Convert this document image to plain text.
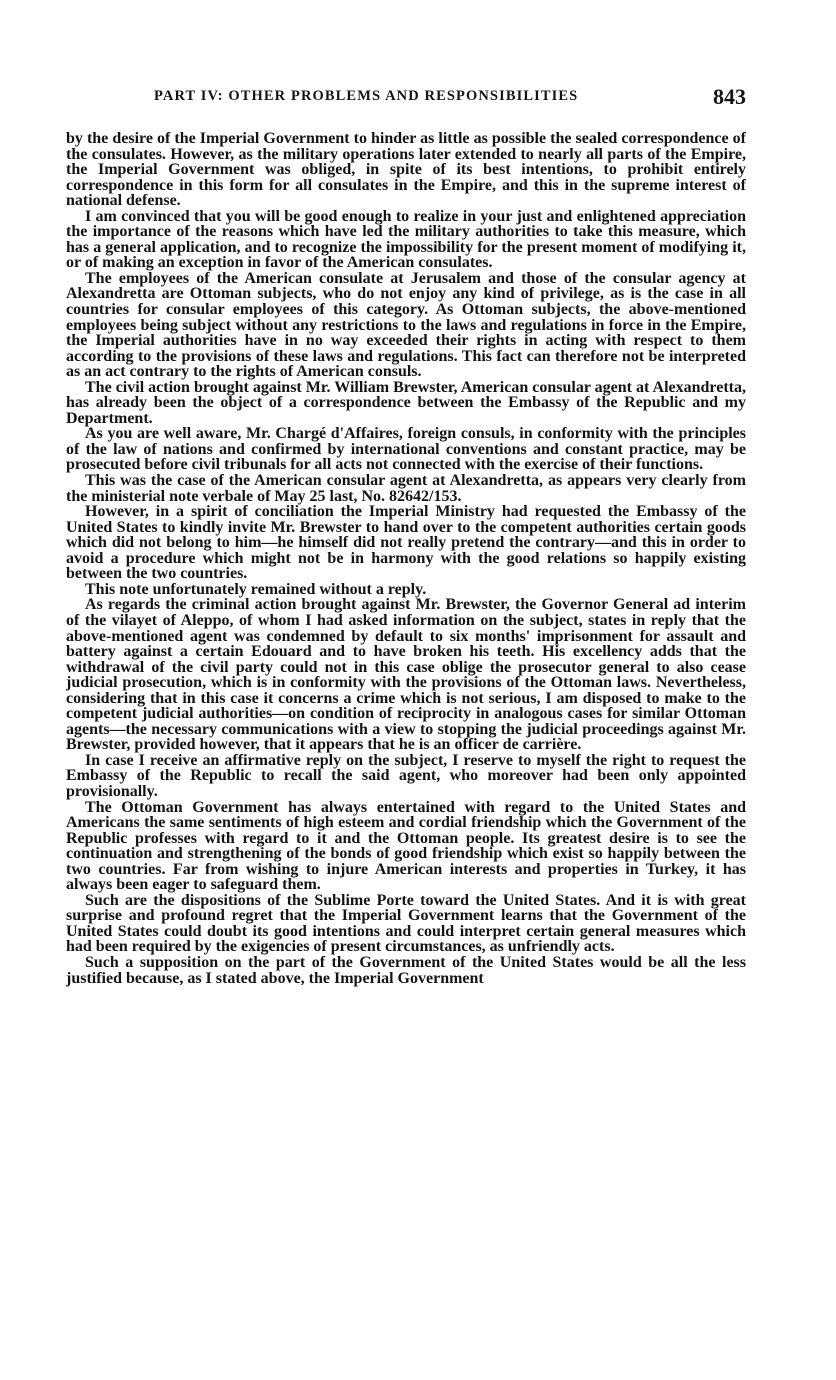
PART IV: OTHER PROBLEMS AND RESPONSIBILITIES	843

by the desire of the Imperial Government to hinder as little as possible the sealed correspondence of the consulates. However, as the military operations later extended to nearly all parts of the Empire, the Imperial Government was obliged, in spite of its best intentions, to prohibit entirely correspondence in this form for all consulates in the Empire, and this in the supreme interest of national defense.

I am convinced that you will be good enough to realize in your just and enlightened appreciation the importance of the reasons which have led the military authorities to take this measure, which has a general application, and to recognize the impossibility for the present moment of modifying it, or of making an exception in favor of the American consulates.

The employees of the American consulate at Jerusalem and those of the consular agency at Alexandretta are Ottoman subjects, who do not enjoy any kind of privilege, as is the case in all countries for consular employees of this category. As Ottoman subjects, the above-mentioned employees being subject without any restrictions to the laws and regulations in force in the Empire, the Imperial authorities have in no way exceeded their rights in acting with respect to them according to the provisions of these laws and regulations. This fact can therefore not be interpreted as an act contrary to the rights of American consuls.

The civil action brought against Mr. William Brewster, American consular agent at Alexandretta, has already been the object of a correspondence between the Embassy of the Republic and my Department.

As you are well aware, Mr. Chargé d'Affaires, foreign consuls, in conformity with the principles of the law of nations and confirmed by international conventions and constant practice, may be prosecuted before civil tribunals for all acts not connected with the exercise of their functions.

This was the case of the American consular agent at Alexandretta, as appears very clearly from the ministerial note verbale of May 25 last, No. 82642/153.

However, in a spirit of conciliation the Imperial Ministry had requested the Embassy of the United States to kindly invite Mr. Brewster to hand over to the competent authorities certain goods which did not belong to him—he himself did not really pretend the contrary—and this in order to avoid a procedure which might not be in harmony with the good relations so happily existing between the two countries.

This note unfortunately remained without a reply.

As regards the criminal action brought against Mr. Brewster, the Governor General ad interim of the vilayet of Aleppo, of whom I had asked information on the subject, states in reply that the above-mentioned agent was condemned by default to six months' imprisonment for assault and battery against a certain Edouard and to have broken his teeth. His excellency adds that the withdrawal of the civil party could not in this case oblige the prosecutor general to also cease judicial prosecution, which is in conformity with the provisions of the Ottoman laws. Nevertheless, considering that in this case it concerns a crime which is not serious, I am disposed to make to the competent judicial authorities—on condition of reciprocity in analogous cases for similar Ottoman agents—the necessary communications with a view to stopping the judicial proceedings against Mr. Brewster, provided however, that it appears that he is an officer de carrière.

In case I receive an affirmative reply on the subject, I reserve to myself the right to request the Embassy of the Republic to recall the said agent, who moreover had been only appointed provisionally.

The Ottoman Government has always entertained with regard to the United States and Americans the same sentiments of high esteem and cordial friendship which the Government of the Republic professes with regard to it and the Ottoman people. Its greatest desire is to see the continuation and strengthening of the bonds of good friendship which exist so happily between the two countries. Far from wishing to injure American interests and properties in Turkey, it has always been eager to safeguard them.

Such are the dispositions of the Sublime Porte toward the United States. And it is with great surprise and profound regret that the Imperial Government learns that the Government of the United States could doubt its good intentions and could interpret certain general measures which had been required by the exigencies of present circumstances, as unfriendly acts.

Such a supposition on the part of the Government of the United States would be all the less justified because, as I stated above, the Imperial Government
